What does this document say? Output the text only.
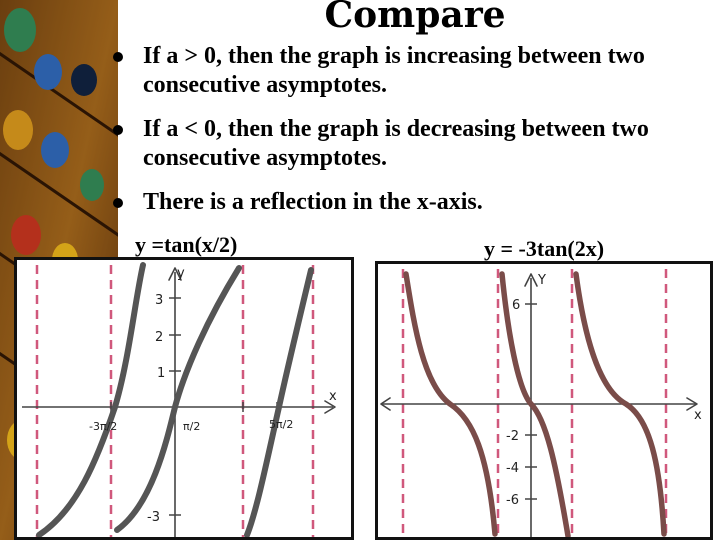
Compare
If a > 0, then the graph is increasing between two consecutive asymptotes.
If a < 0, then the graph is decreasing between two consecutive asymptotes.
There is a reflection in the x-axis.
y =tan(x/2)	y = -3tan(2x)
y
x
3
2
1
-3
-3π/2	π/2	5π/2
Y
x
6
-2
-4
-6
